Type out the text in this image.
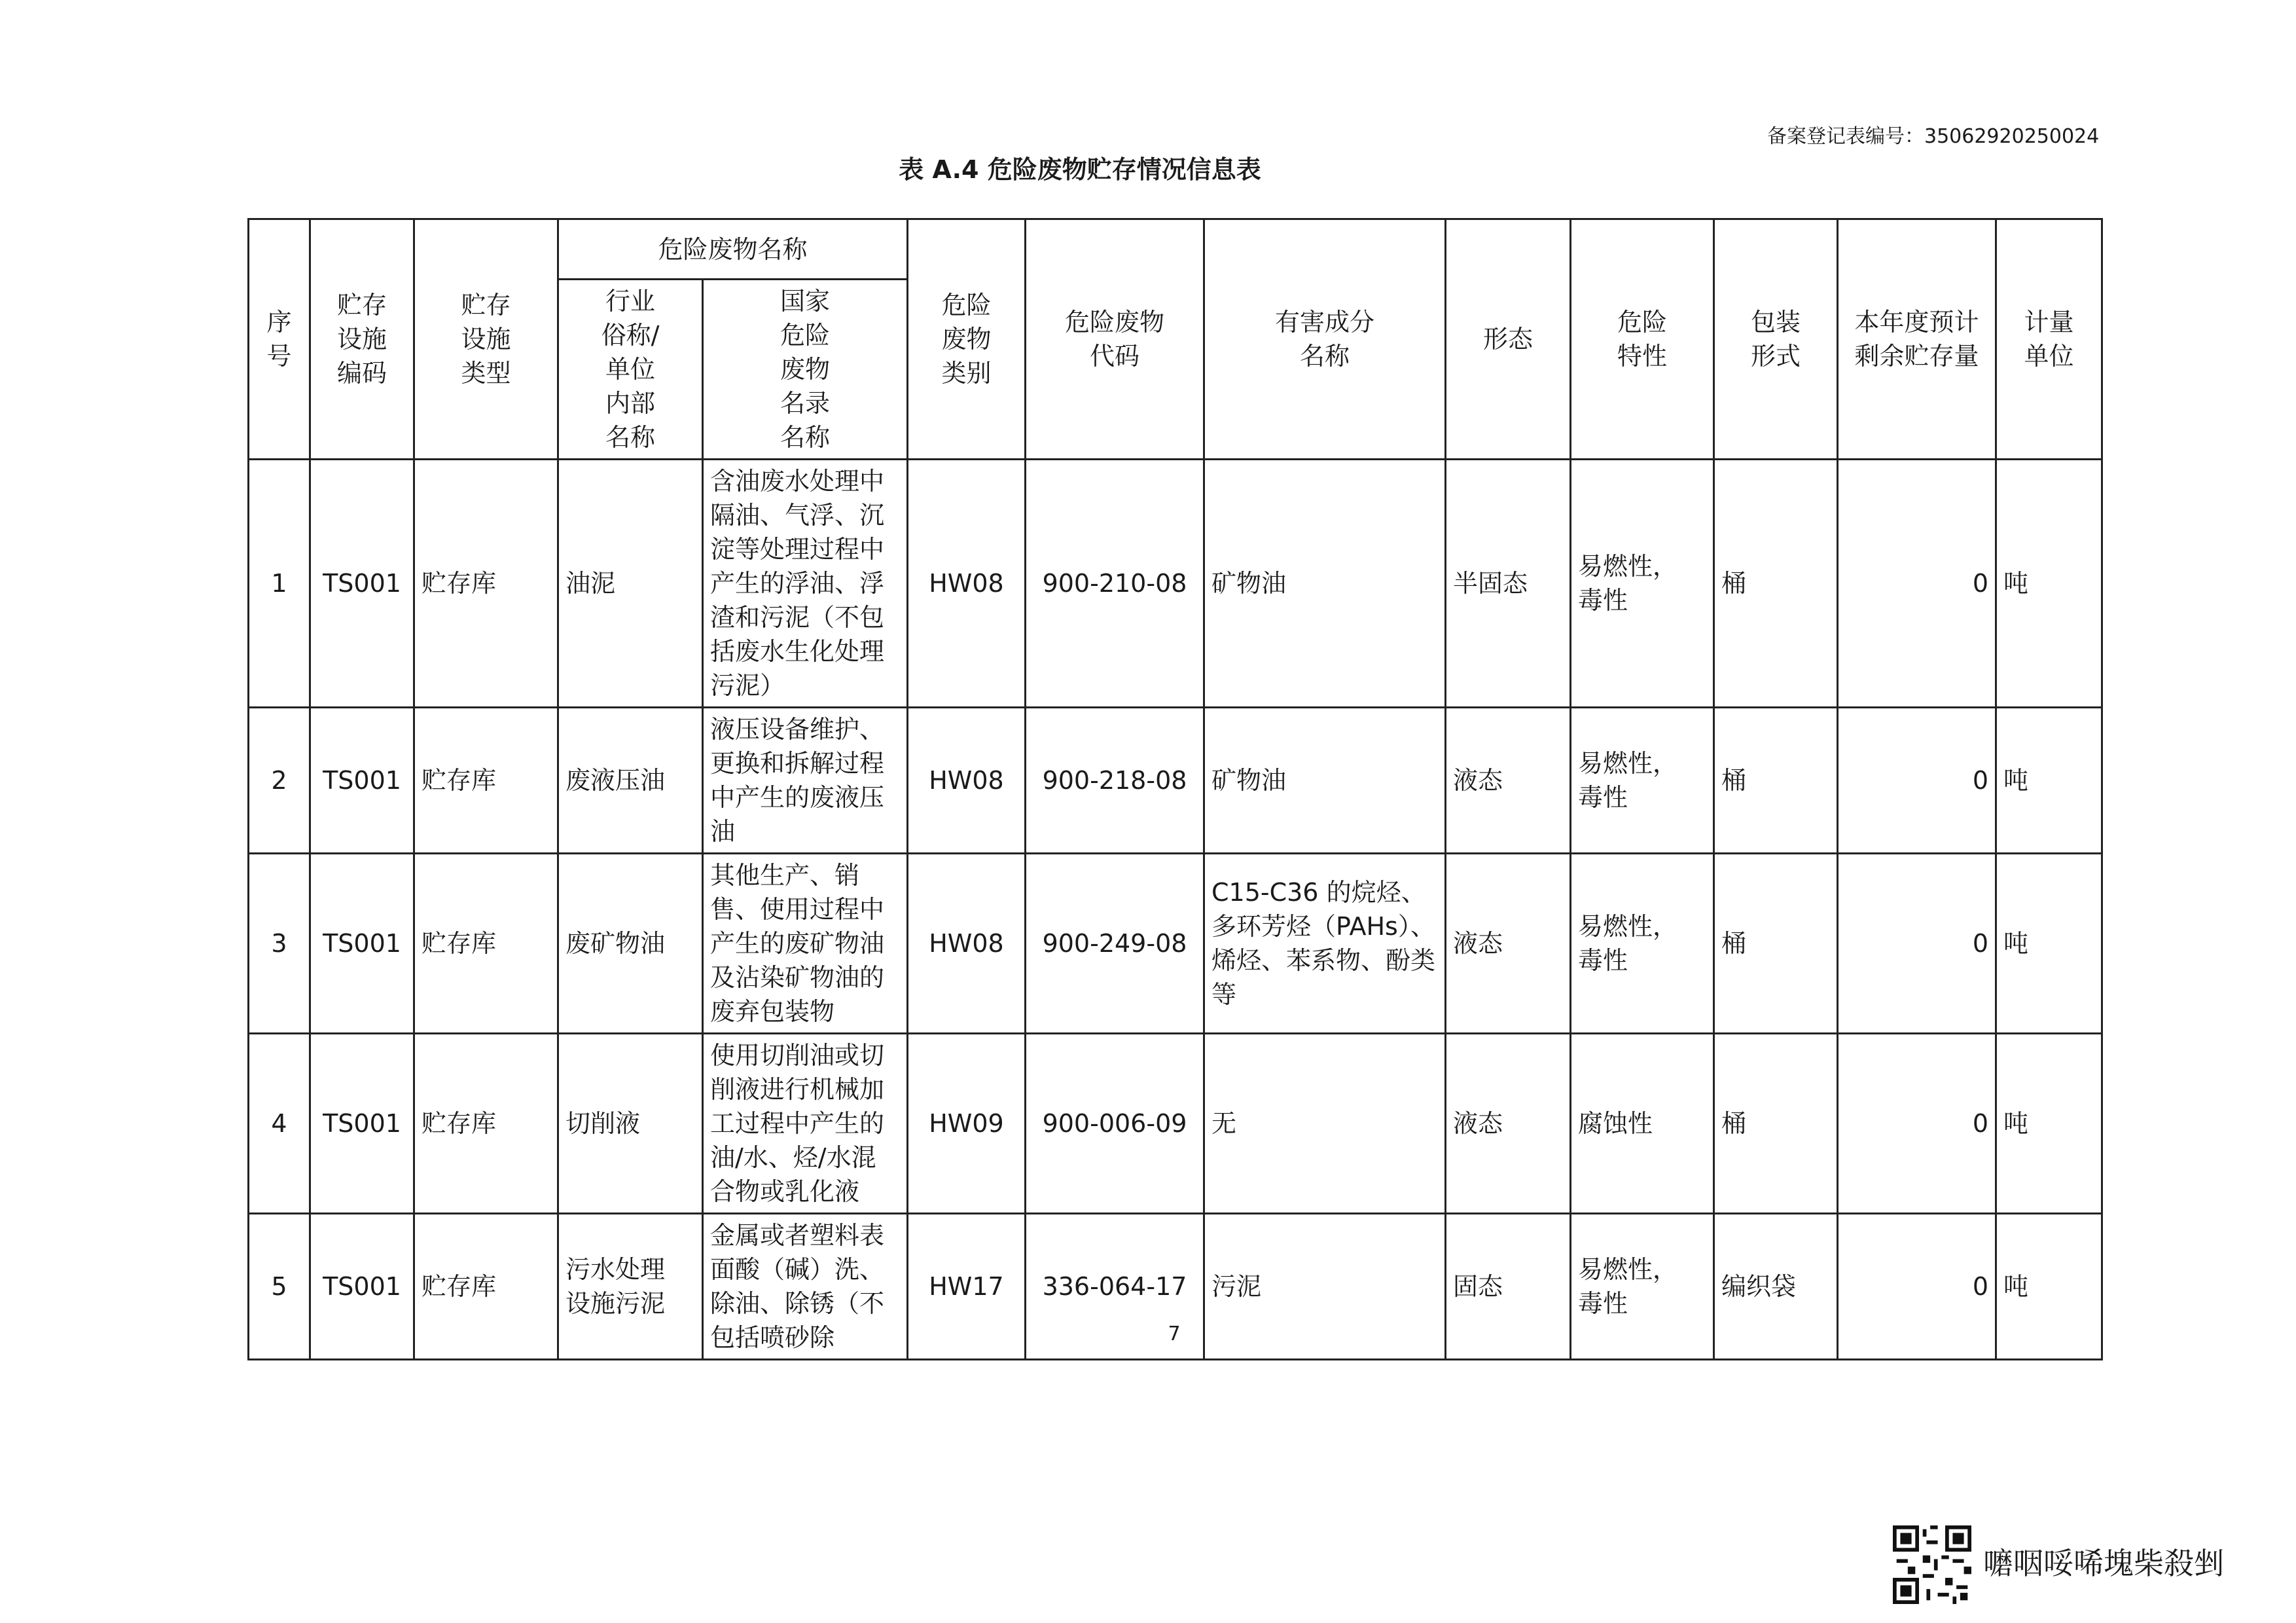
备案登记表编号：35062920250024
表 A.4 危险废物贮存情况信息表
序
号	贮存
设施
编码	贮存
设施
类型	危险废物名称		危险
废物
类别	危险废物
代码	有害成分
名称	形态	危险
特性	包装
形式	本年度预计
剩余贮存量	计量
单位
			行业
俗称/
单位
内部
名称	国家
危险
废物
名录
名称								
1	TS001	贮存库	油泥	含油废水处理中隔油、气浮、沉淀等处理过程中产生的浮油、浮渣和污泥（不包括废水生化处理污泥）	HW08	900-210-08	矿物油	半固态	易燃性，
毒性	桶	0	吨
2	TS001	贮存库	废液压油	液压设备维护、更换和拆解过程中产生的废液压油	HW08	900-218-08	矿物油	液态	易燃性，
毒性	桶	0	吨
3	TS001	贮存库	废矿物油	其他生产、销售、使用过程中产生的废矿物油及沾染矿物油的废弃包装物	HW08	900-249-08	C15-C36 的烷烃、多环芳烃（PAHs）、烯烃、苯系物、酚类等	液态	易燃性，
毒性	桶	0	吨
4	TS001	贮存库	切削液	使用切削油或切削液进行机械加工过程中产生的油/水、烃/水混合物或乳化液	HW09	900-006-09	无	液态	腐蚀性	桶	0	吨
5	TS001	贮存库	污水处理
设施污泥	金属或者塑料表面酸（碱）洗、除油、除锈（不包括喷砂除	HW17	336-064-17	污泥	固态	易燃性，
毒性	编织袋	0	吨
7
嚰咽哸唏塊柴殺剉
